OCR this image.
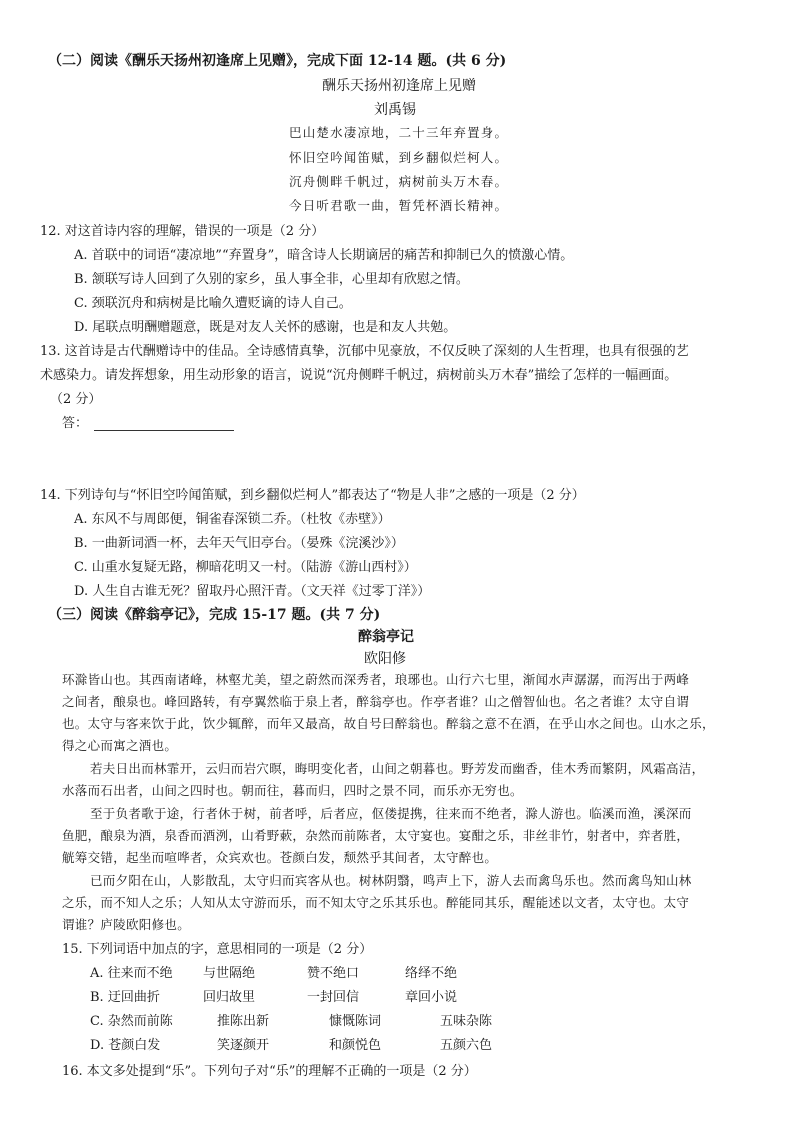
（二）阅读《酬乐天扬州初逢席上见赠》，完成下面 12-14 题。(共 6 分)
酬乐天扬州初逢席上见赠
刘禹锡
巴山楚水凄凉地，二十三年弃置身。
怀旧空吟闻笛赋，到乡翻似烂柯人。
沉舟侧畔千帆过，病树前头万木春。
今日听君歌一曲，暂凭杯酒长精神。
12. 对这首诗内容的理解，错误的一项是（2 分）
A. 首联中的词语“凄凉地”“弃置身”，暗含诗人长期谪居的痛苦和抑制已久的愤激心情。
B. 颔联写诗人回到了久别的家乡，虽人事全非，心里却有欣慰之情。
C. 颈联沉舟和病树是比喻久遭贬谪的诗人自己。
D. 尾联点明酬赠题意，既是对友人关怀的感谢，也是和友人共勉。
13. 这首诗是古代酬赠诗中的佳品。全诗感情真挚，沉郁中见豪放，不仅反映了深刻的人生哲理，也具有很强的艺
术感染力。请发挥想象，用生动形象的语言，说说“沉舟侧畔千帆过，病树前头万木春”描绘了怎样的一幅画面。
（2 分）
答：
14. 下列诗句与“怀旧空吟闻笛赋，到乡翻似烂柯人”都表达了“物是人非”之感的一项是（2 分）
A. 东风不与周郎便，铜雀春深锁二乔。（杜牧《赤壁》）
B. 一曲新词酒一杯，去年天气旧亭台。（晏殊《浣溪沙》）
C. 山重水复疑无路，柳暗花明又一村。（陆游《游山西村》）
D. 人生自古谁无死？留取丹心照汗青。（文天祥《过零丁洋》）
（三）阅读《醉翁亭记》，完成 15-17 题。(共 7 分)
醉翁亭记
欧阳修
环滁皆山也。其西南诸峰，林壑尤美，望之蔚然而深秀者，琅琊也。山行六七里，渐闻水声潺潺，而泻出于两峰
之间者，酿泉也。峰回路转，有亭翼然临于泉上者，醉翁亭也。作亭者谁？山之僧智仙也。名之者谁？太守自谓
也。太守与客来饮于此，饮少辄醉，而年又最高，故自号曰醉翁也。醉翁之意不在酒，在乎山水之间也。山水之乐，
得之心而寓之酒也。
若夫日出而林霏开，云归而岩穴暝，晦明变化者，山间之朝暮也。野芳发而幽香，佳木秀而繁阴，风霜高洁，
水落而石出者，山间之四时也。朝而往，暮而归，四时之景不同，而乐亦无穷也。
至于负者歌于途，行者休于树，前者呼，后者应，伛偻提携，往来而不绝者，滁人游也。临溪而渔，溪深而
鱼肥，酿泉为酒，泉香而酒洌，山肴野蔌，杂然而前陈者，太守宴也。宴酣之乐，非丝非竹，射者中，弈者胜，
觥筹交错，起坐而喧哗者，众宾欢也。苍颜白发，颓然乎其间者，太守醉也。
已而夕阳在山，人影散乱，太守归而宾客从也。树林阴翳，鸣声上下，游人去而禽鸟乐也。然而禽鸟知山林
之乐，而不知人之乐；人知从太守游而乐，而不知太守之乐其乐也。醉能同其乐，醒能述以文者，太守也。太守
谓谁？庐陵欧阳修也。
15. 下列词语中加点的字，意思相同的一项是（2 分）
A. 往来而不绝 与世隔绝	赞不绝口	络绎不绝
B. 迂回曲折	回归故里	一封回信	章回小说
C. 杂然而前陈	推陈出新	慷慨陈词	五味杂陈
D. 苍颜白发	笑逐颜开	和颜悦色	五颜六色
16. 本文多处提到“乐”。下列句子对“乐”的理解不正确的一项是（2 分）
